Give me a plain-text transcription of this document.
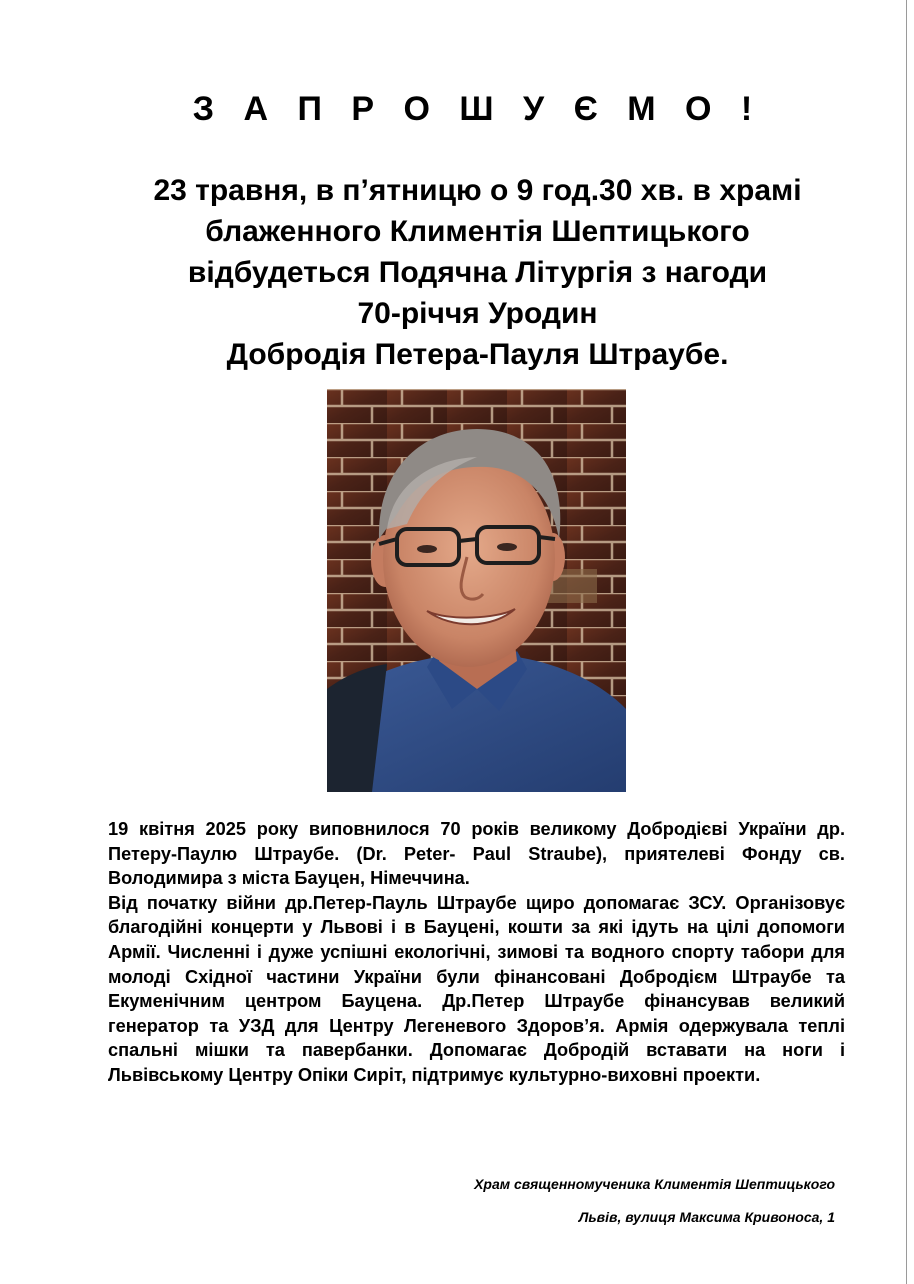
З А П Р О Ш У Є М О !
23 травня, в п’ятницю о 9 год.30 хв. в храмі
блаженного Климентія Шептицького
відбудеться Подячна Літургія з нагоди
70-річчя Уродин
Добродія Петера-Пауля Штраубе.

19 квітня 2025 року виповнилося 70 років великому Добродієві України др. Петеру-Паулю Штраубе. (Dr. Peter- Paul Straube), приятелеві Фонду св. Володимира з міста Бауцен, Німеччина.

Від початку війни др.Петер-Пауль Штраубе щиро допомагає ЗСУ. Організовує благодійні концерти у Львові і в Бауцені, кошти за які ідуть на цілі допомоги Армії. Численні і дуже успішні екологічні, зимові та водного спорту табори для молоді Східної частини України були фінансовані Добродієм Штраубе та Екуменічним центром Бауцена. Др.Петер Штраубе фінансував великий генератор та УЗД для Центру Легеневого Здоров’я. Армія одержувала теплі спальні мішки та павербанки. Допомагає Добродій вставати на ноги і Львівському Центру Опіки Сиріт, підтримує культурно-виховні проекти.

Храм священномученика Климентія Шептицького
Львів, вулиця Максима Кривоноса, 1
